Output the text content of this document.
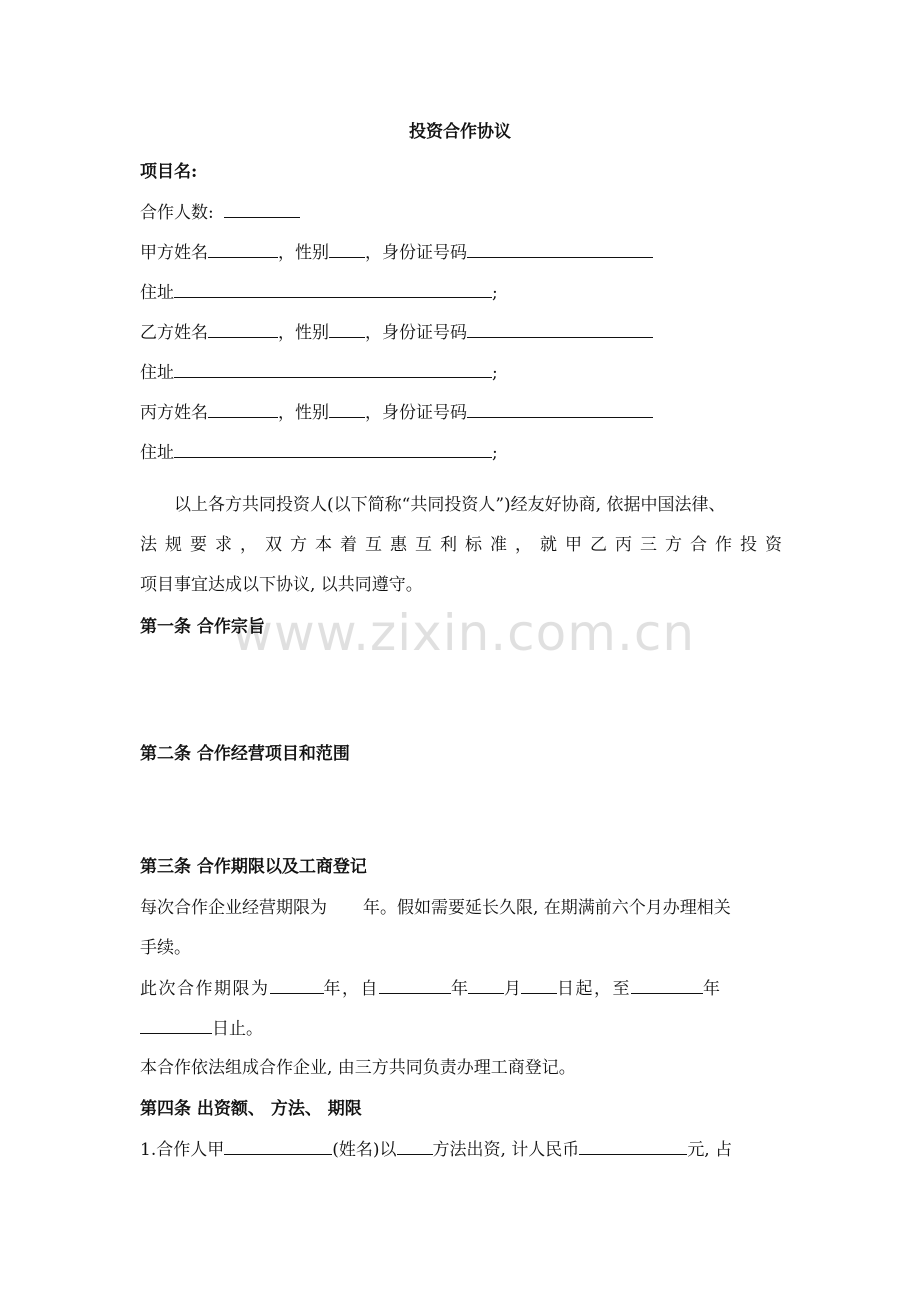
投资合作协议
项目名:
合作人数:
甲方姓名	，性别 ，身份证号码
住址	;
乙方姓名	，性别 ，身份证号码
住址	;
丙方姓名	，性别 ，身份证号码
住址	;
以上各方共同投资人(以下简称“共同投资人”)经友好协商, 依据中国法律、
法规要求，双方本着互惠互利标准，就甲乙丙三方合作投资
项目事宜达成以下协议, 以共同遵守。
第一条 合作宗旨
第二条 合作经营项目和范围
第三条 合作期限以及工商登记
每次合作企业经营期限为 年。假如需要延长久限, 在期满前六个月办理相关
手续。
此次合作期限为	年，自	年 月 日起，至	年
日止。
本合作依法组成合作企业, 由三方共同负责办理工商登记。
第四条 出资额、 方法、 期限
1.合作人甲	(姓名)以 方法出资, 计人民币	元, 占
www.zixin.com.cn
